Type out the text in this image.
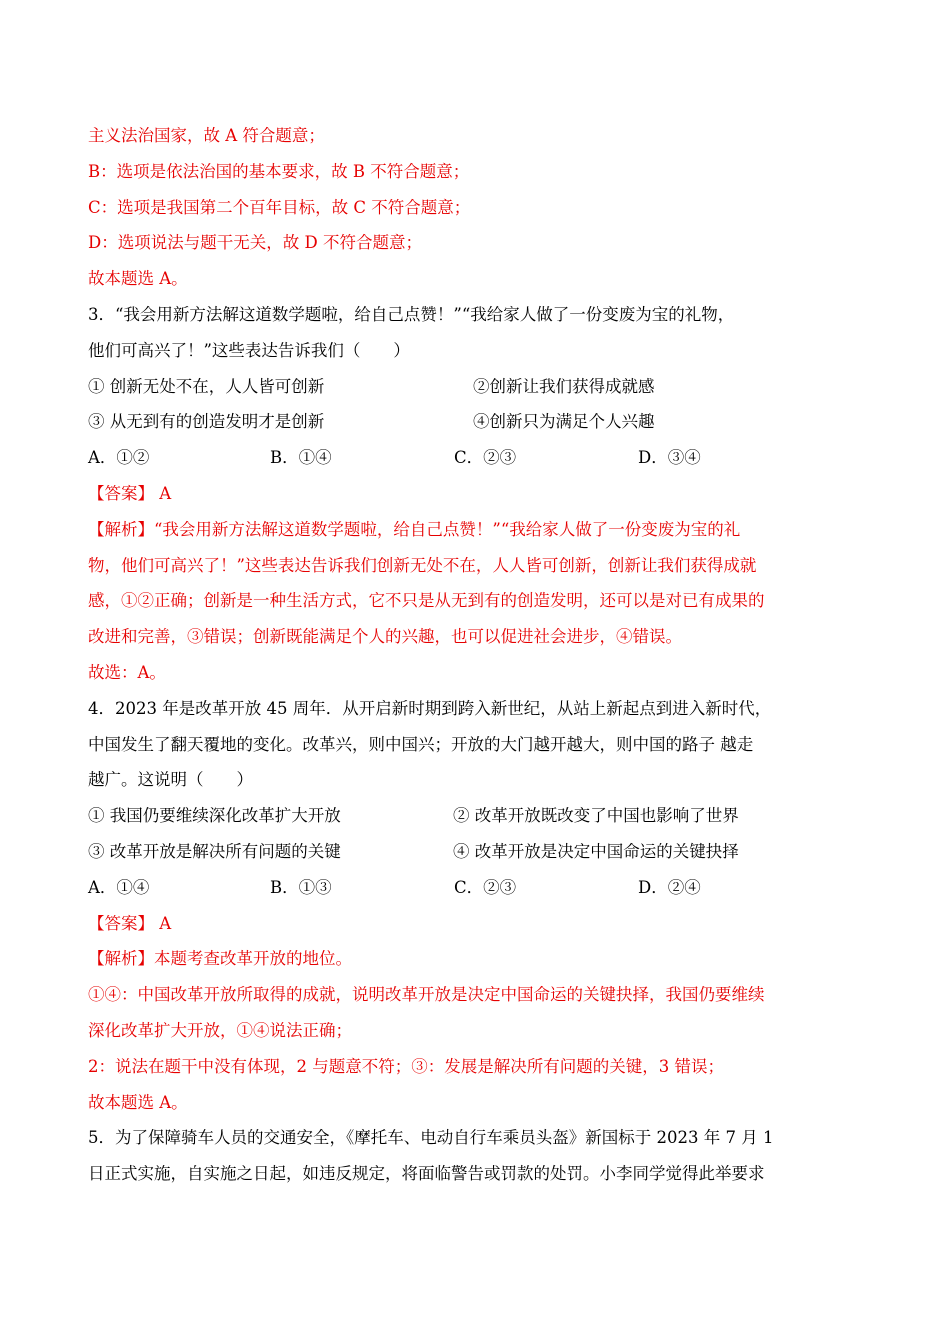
主义法治国家，故 A 符合题意；
B：选项是依法治国的基本要求，故 B 不符合题意；
C：选项是我国第二个百年目标，故 C 不符合题意；
D：选项说法与题干无关，故 D 不符合题意；
故本题选 A。
3．“我会用新方法解这道数学题啦，给自己点赞！”“我给家人做了一份变废为宝的礼物，
他们可高兴了！”这些表达告诉我们（　　）
① 创新无处不在，人人皆可创新	②创新让我们获得成就感
③ 从无到有的创造发明才是创新	④创新只为满足个人兴趣
A．①②	B．①④	C．②③	D．③④
【答案】 A
【解析】“我会用新方法解这道数学题啦，给自己点赞！”“我给家人做了一份变废为宝的礼
物，他们可高兴了！”这些表达告诉我们创新无处不在，人人皆可创新，创新让我们获得成就
感，①②正确；创新是一种生活方式，它不只是从无到有的创造发明，还可以是对已有成果的
改进和完善，③错误；创新既能满足个人的兴趣，也可以促进社会进步，④错误。
故选：A。
4．2023 年是改革开放 45 周年．从开启新时期到跨入新世纪，从站上新起点到进入新时代，
中国发生了翻天覆地的变化。改革兴，则中国兴；开放的大门越开越大，则中国的路子 越走
越广。这说明（　　）
① 我国仍要维续深化改革扩大开放	② 改革开放既改变了中国也影响了世界
③ 改革开放是解决所有问题的关键	④ 改革开放是决定中国命运的关键抉择
A．①④	B．①③	C．②③	D．②④
【答案】 A
【解析】本题考查改革开放的地位。
①④：中国改革开放所取得的成就，说明改革开放是决定中国命运的关键抉择，我国仍要维续
深化改革扩大开放，①④说法正确；
2：说法在题干中没有体现，2 与题意不符；③：发展是解决所有问题的关键，3 错误；
故本题选 A。
5．为了保障骑车人员的交通安全，《摩托车、电动自行车乘员头盔》新国标于 2023 年 7 月 1
日正式实施，自实施之日起，如违反规定，将面临警告或罚款的处罚。小李同学觉得此举要求
